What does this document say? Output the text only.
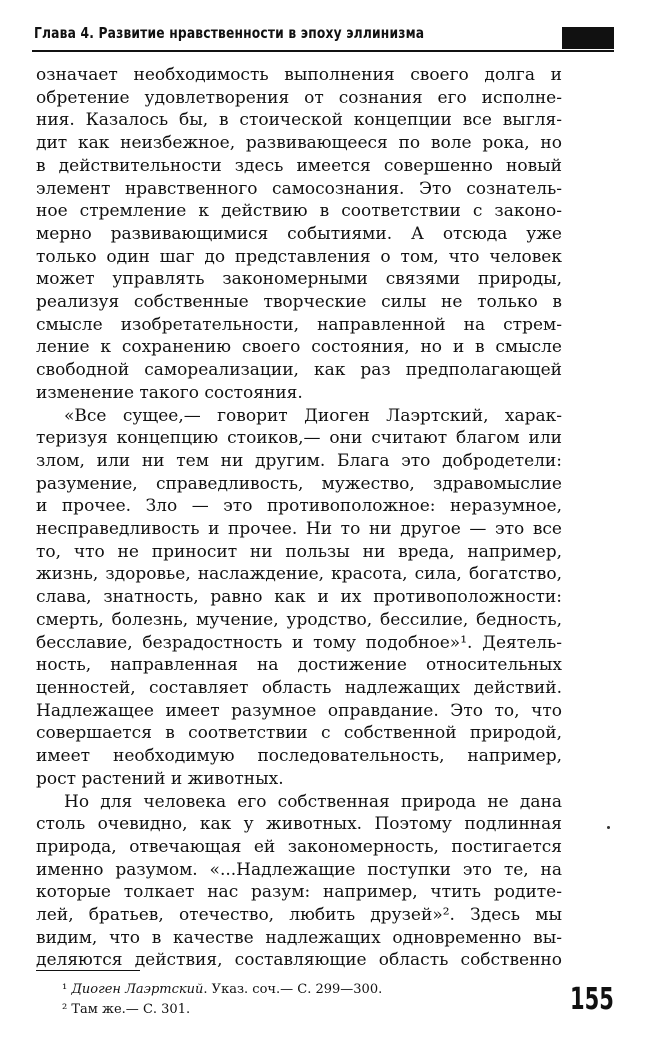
Глава 4. Развитие нравственности в эпоху эллинизма
означает необходимость выполнения своего долга и
обретение удовлетворения от сознания его исполне-
ния. Казалось бы, в стоической концепции все выгля-
дит как неизбежное, развивающееся по воле рока, но
в действительности здесь имеется совершенно новый
элемент нравственного самосознания. Это сознатель-
ное стремление к действию в соответствии с законо-
мерно развивающимися событиями. А отсюда уже
только один шаг до представления о том, что человек
может управлять закономерными связями природы,
реализуя собственные творческие силы не только в
смысле изобретательности, направленной на стрем-
ление к сохранению своего состояния, но и в смысле
свободной самореализации, как раз предполагающей
изменение такого состояния.
«Все сущее,— говорит Диоген Лаэртский, харак-
теризуя концепцию стоиков,— они считают благом или
злом, или ни тем ни другим. Блага это добродетели:
разумение, справедливость, мужество, здравомыслие
и прочее. Зло — это противоположное: неразумное,
несправедливость и прочее. Ни то ни другое — это все
то, что не приносит ни пользы ни вреда, например,
жизнь, здоровье, наслаждение, красота, сила, богатство,
слава, знатность, равно как и их противоположности:
смерть, болезнь, мучение, уродство, бессилие, бедность,
бесславие, безрадостность и тому подобное»¹. Деятель-
ность, направленная на достижение относительных
ценностей, составляет область надлежащих действий.
Надлежащее имеет разумное оправдание. Это то, что
совершается в соответствии с собственной природой,
имеет необходимую последовательность, например,
рост растений и животных.
Но для человека его собственная природа не дана
столь очевидно, как у животных. Поэтому подлинная
природа, отвечающая ей закономерность, постигается
именно разумом. «...Надлежащие поступки это те, на
которые толкает нас разум: например, чтить родите-
лей, братьев, отечество, любить друзей»². Здесь мы
видим, что в качестве надлежащих одновременно вы-
деляются действия, составляющие область собственно
¹ Диоген Лаэртский. Указ. соч.— С. 299—300.
² Там же.— С. 301.	155
